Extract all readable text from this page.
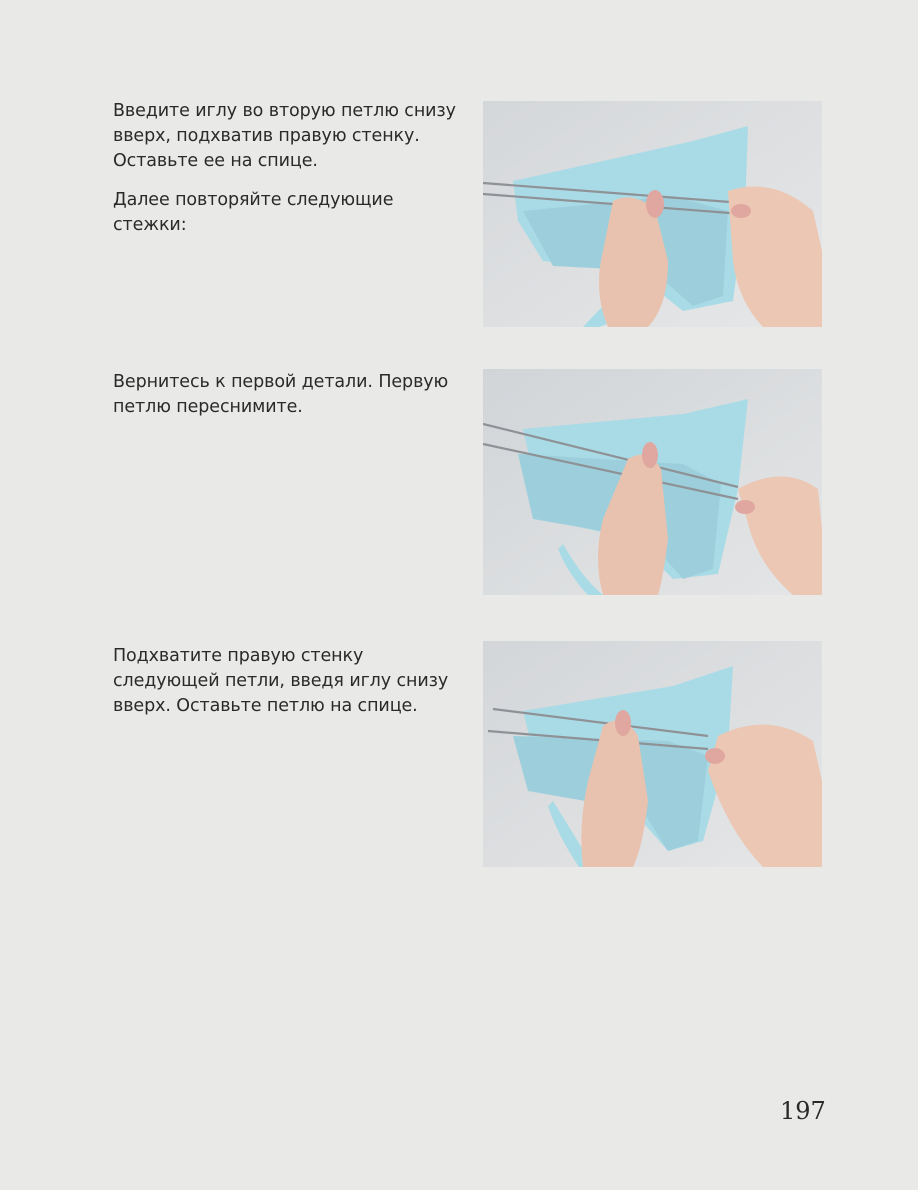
Введите иглу во вторую петлю снизу вверх, подхватив правую стенку. Оставьте ее на спице.

Далее повторяйте следующие стежки:

Вернитесь к первой детали. Первую петлю переснимите.

Подхватите правую стенку следующей петли, введя иглу снизу вверх. Оставьте петлю на спице.

197
